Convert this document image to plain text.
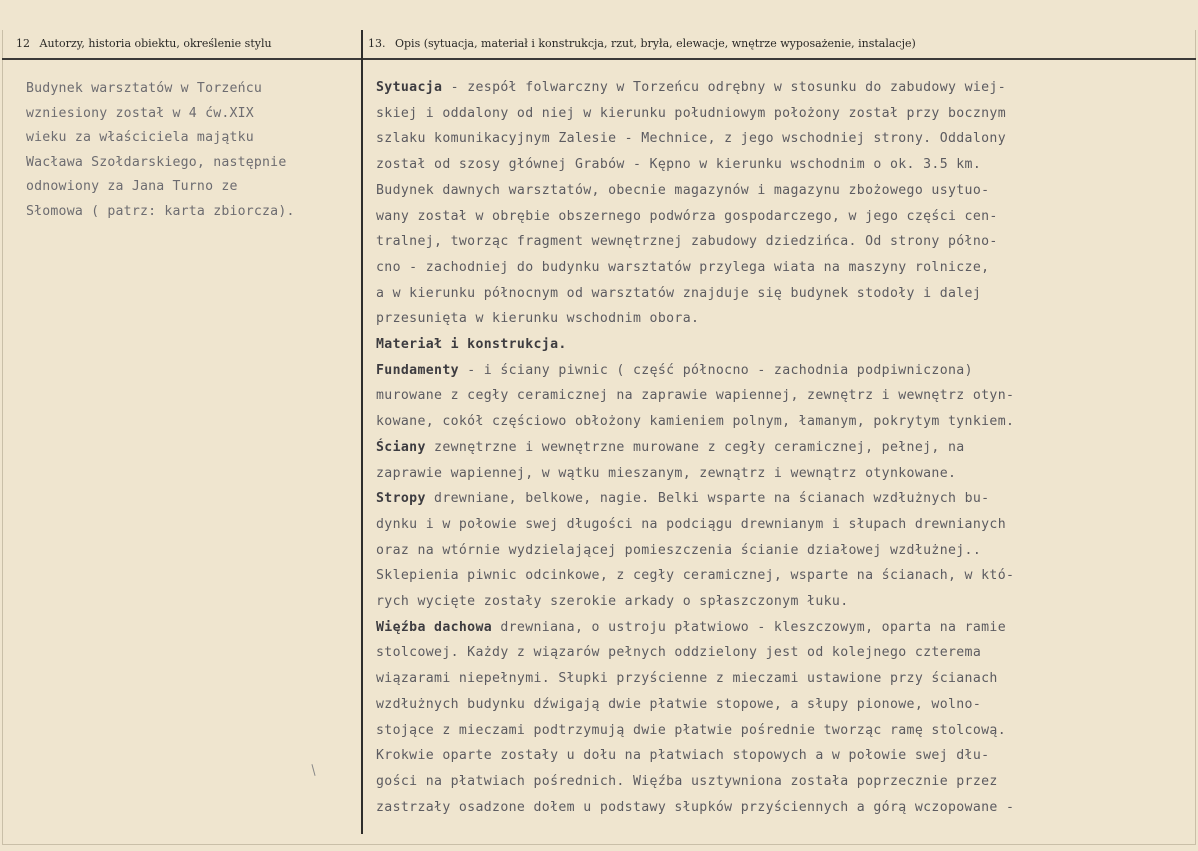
12 Autorzy, historia obiektu, określenie stylu	13. Opis (sytuacja, materiał i konstrukcja, rzut, bryła, elewacje, wnętrze wyposażenie, instalacje)
Budynek warsztatów w Torzeńcu
wzniesiony został w 4 ćw.XIX
wieku za właściciela majątku
Wacława Szołdarskiego, następnie
odnowiony za Jana Turno ze
Słomowa ( patrz: karta zbiorcza).
Sytuacja - zespół folwarczny w Torzeńcu odrębny w stosunku do zabudowy wiej-
skiej i oddalony od niej w kierunku południowym położony został przy bocznym
szlaku komunikacyjnym Zalesie - Mechnice, z jego wschodniej strony. Oddalony
został od szosy głównej Grabów - Kępno w kierunku wschodnim o ok. 3.5 km.
Budynek dawnych warsztatów, obecnie magazynów i magazynu zbożowego usytuo-
wany został w obrębie obszernego podwórza gospodarczego, w jego części cen-
tralnej, tworząc fragment wewnętrznej zabudowy dziedzińca. Od strony półno-
cno - zachodniej do budynku warsztatów przylega wiata na maszyny rolnicze,
a w kierunku północnym od warsztatów znajduje się budynek stodoły i dalej
przesunięta w kierunku wschodnim obora.
Materiał i konstrukcja.
Fundamenty - i ściany piwnic ( część północno - zachodnia podpiwniczona)
murowane z cegły ceramicznej na zaprawie wapiennej, zewnętrz i wewnętrz otyn-
kowane, cokół częściowo obłożony kamieniem polnym, łamanym, pokrytym tynkiem.
Ściany zewnętrzne i wewnętrzne murowane z cegły ceramicznej, pełnej, na
zaprawie wapiennej, w wątku mieszanym, zewnątrz i wewnątrz otynkowane.
Stropy drewniane, belkowe, nagie. Belki wsparte na ścianach wzdłużnych bu-
dynku i w połowie swej długości na podciągu drewnianym i słupach drewnianych
oraz na wtórnie wydzielającej pomieszczenia ścianie działowej wzdłużnej..
Sklepienia piwnic odcinkowe, z cegły ceramicznej, wsparte na ścianach, w któ-
rych wycięte zostały szerokie arkady o spłaszczonym łuku.
Więźba dachowa drewniana, o ustroju płatwiowo - kleszczowym, oparta na ramie
stolcowej. Każdy z wiązarów pełnych oddzielony jest od kolejnego czterema
wiązarami niepełnymi. Słupki przyścienne z mieczami ustawione przy ścianach
wzdłużnych budynku dźwigają dwie płatwie stopowe, a słupy pionowe, wolno-
stojące z mieczami podtrzymują dwie płatwie pośrednie tworząc ramę stolcową.
Krokwie oparte zostały u dołu na płatwiach stopowych a w połowie swej dłu-
gości na płatwiach pośrednich. Więźba usztywniona została poprzecznie przez
zastrzały osadzone dołem u podstawy słupków przyściennych a górą wczopowane -
